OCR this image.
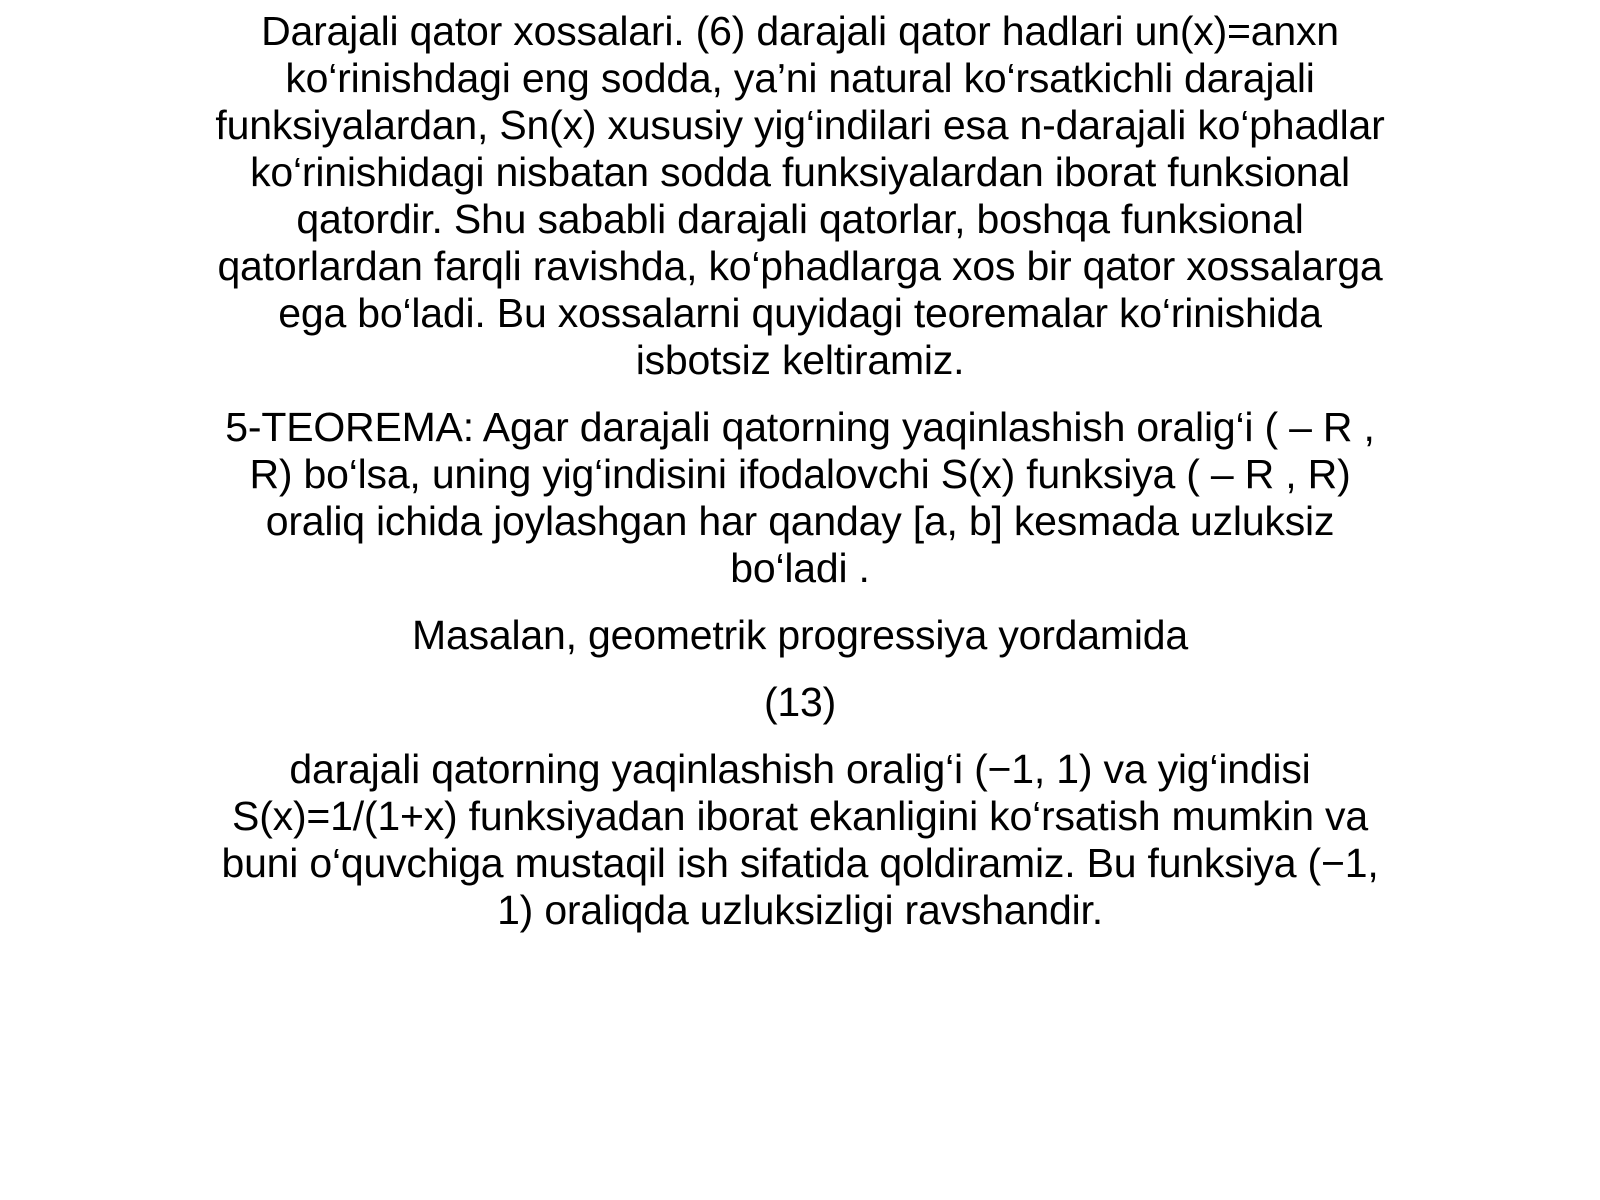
Darajali qator xossalari. (6) darajali qator hadlari un(x)=anxn ko‘rinishdagi eng sodda, ya’ni natural ko‘rsatkichli darajali funksiyalardan, Sn(x) xususiy yig‘indilari esa n-darajali ko‘phadlar ko‘rinishidagi nisbatan sodda funksiyalardan iborat funksional qatordir. Shu sababli darajali qatorlar, boshqa funksional qatorlardan farqli ravishda, ko‘phadlarga xos bir qator xossalarga ega bo‘ladi. Bu xossalarni quyidagi teoremalar ko‘rinishida isbotsiz keltiramiz.

5-TEOREMA: Agar darajali qatorning yaqinlashish oralig‘i ( – R , R) bo‘lsa, uning yig‘indisini ifodalovchi S(x) funksiya ( – R , R) oraliq ichida joylashgan har qanday [a, b] kesmada uzluksiz bo‘ladi .

Masalan, geometrik progressiya yordamida

(13)

darajali qatorning yaqinlashish oralig‘i (−1, 1) va yig‘indisi S(x)=1/(1+x) funksiyadan iborat ekanligini ko‘rsatish mumkin va buni o‘quvchiga mustaqil ish sifatida qoldiramiz. Bu funksiya (−1, 1) oraliqda uzluksizligi ravshandir.
